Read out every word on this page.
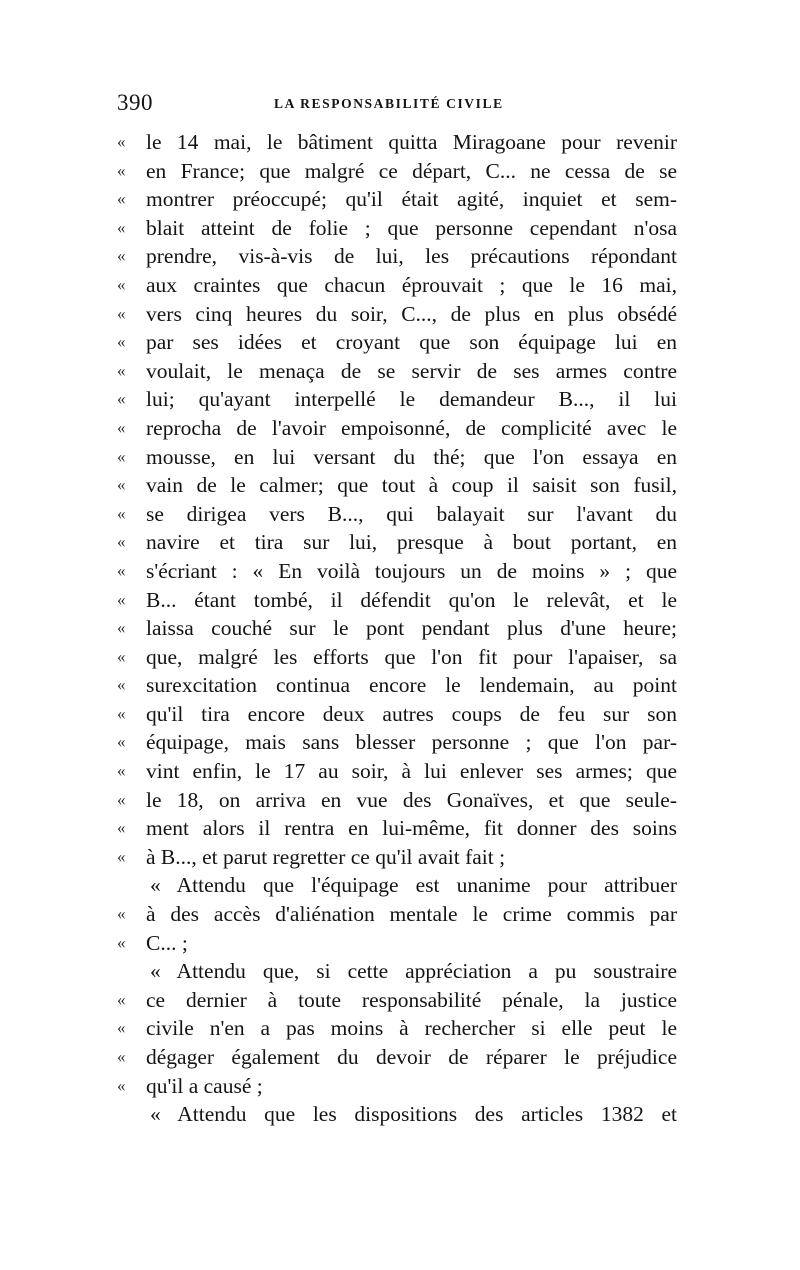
390	LA RESPONSABILITÉ CIVILE
« le 14 mai, le bâtiment quitta Miragoane pour revenir
« en France; que malgré ce départ, C... ne cessa de se
« montrer préoccupé; qu'il était agité, inquiet et sem-
« blait atteint de folie ; que personne cependant n'osa
« prendre, vis-à-vis de lui, les précautions répondant
« aux craintes que chacun éprouvait ; que le 16 mai,
« vers cinq heures du soir, C..., de plus en plus obsédé
« par ses idées et croyant que son équipage lui en
« voulait, le menaça de se servir de ses armes contre
« lui; qu'ayant interpellé le demandeur B..., il lui
« reprocha de l'avoir empoisonné, de complicité avec le
« mousse, en lui versant du thé; que l'on essaya en
« vain de le calmer; que tout à coup il saisit son fusil,
« se dirigea vers B..., qui balayait sur l'avant du
« navire et tira sur lui, presque à bout portant, en
« s'écriant : « En voilà toujours un de moins » ; que
« B... étant tombé, il défendit qu'on le relevât, et le
« laissa couché sur le pont pendant plus d'une heure;
« que, malgré les efforts que l'on fit pour l'apaiser, sa
« surexcitation continua encore le lendemain, au point
« qu'il tira encore deux autres coups de feu sur son
« équipage, mais sans blesser personne ; que l'on par-
« vint enfin, le 17 au soir, à lui enlever ses armes; que
« le 18, on arriva en vue des Gonaïves, et que seule-
« ment alors il rentra en lui-même, fit donner des soins
« à B..., et parut regretter ce qu'il avait fait ;
« Attendu que l'équipage est unanime pour attribuer
« à des accès d'aliénation mentale le crime commis par
« C... ;
« Attendu que, si cette appréciation a pu soustraire
« ce dernier à toute responsabilité pénale, la justice
« civile n'en a pas moins à rechercher si elle peut le
« dégager également du devoir de réparer le préjudice
« qu'il a causé ;
« Attendu que les dispositions des articles 1382 et
